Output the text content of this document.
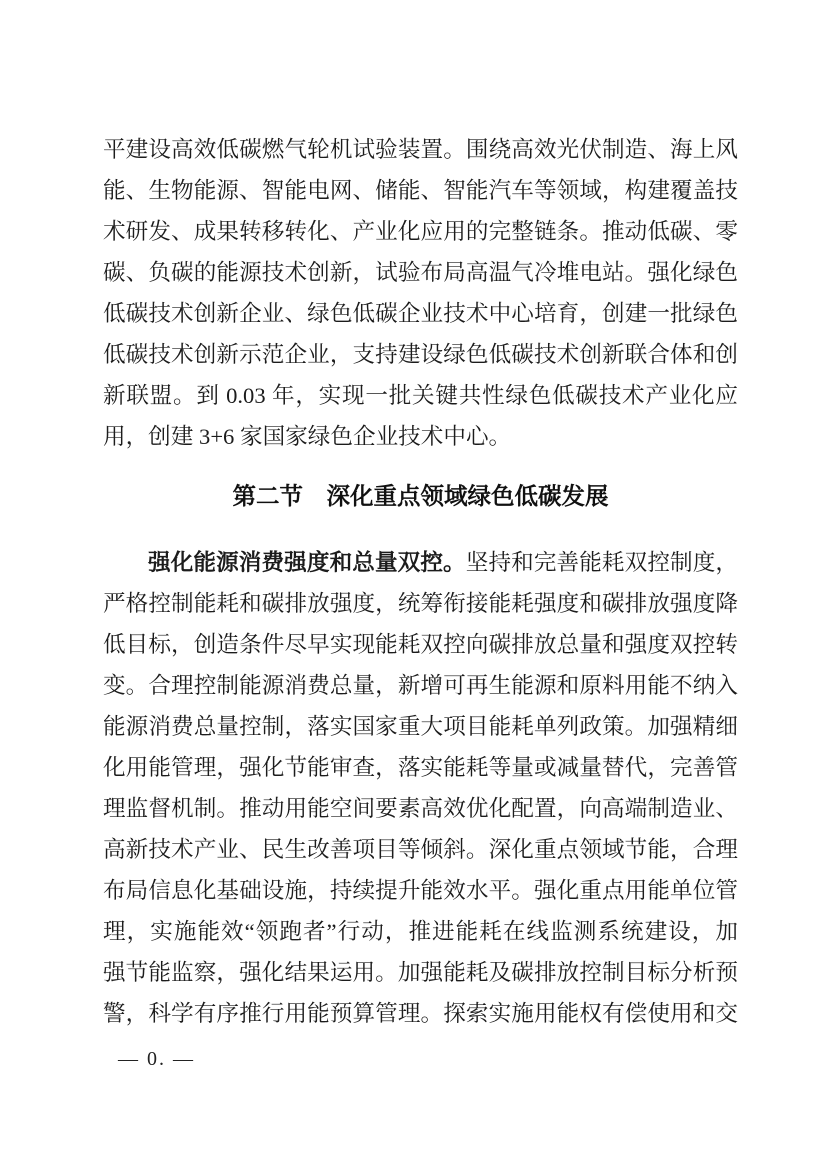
平建设高效低碳燃气轮机试验装置。围绕高效光伏制造、海上风
能、生物能源、智能电网、储能、智能汽车等领域，构建覆盖技
术研发、成果转移转化、产业化应用的完整链条。推动低碳、零
碳、负碳的能源技术创新，试验布局高温气冷堆电站。强化绿色
低碳技术创新企业、绿色低碳企业技术中心培育，创建一批绿色
低碳技术创新示范企业，支持建设绿色低碳技术创新联合体和创
新联盟。到 0.03 年，实现一批关键共性绿色低碳技术产业化应
用，创建 3+6 家国家绿色企业技术中心。
第二节　深化重点领域绿色低碳发展
强化能源消费强度和总量双控。坚持和完善能耗双控制度，
严格控制能耗和碳排放强度，统筹衔接能耗强度和碳排放强度降
低目标，创造条件尽早实现能耗双控向碳排放总量和强度双控转
变。合理控制能源消费总量，新增可再生能源和原料用能不纳入
能源消费总量控制，落实国家重大项目能耗单列政策。加强精细
化用能管理，强化节能审查，落实能耗等量或减量替代，完善管
理监督机制。推动用能空间要素高效优化配置，向高端制造业、
高新技术产业、民生改善项目等倾斜。深化重点领域节能，合理
布局信息化基础设施，持续提升能效水平。强化重点用能单位管
理，实施能效“领跑者”行动，推进能耗在线监测系统建设，加
强节能监察，强化结果运用。加强能耗及碳排放控制目标分析预
警，科学有序推行用能预算管理。探索实施用能权有偿使用和交
— 0. —
